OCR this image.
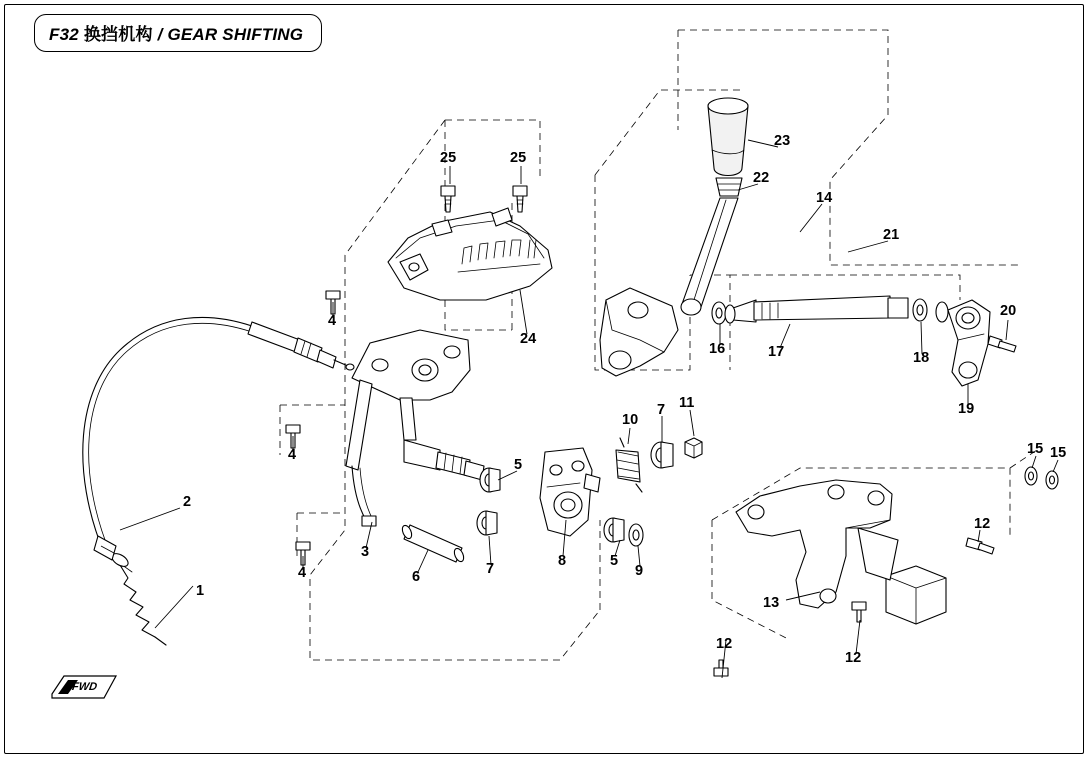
F32 换挡机构 / GEAR SHIFTING
1
2
3
4
4
4
5
5
6	7
7
8
9
10
11
12
12
12
13
14
15 15
16	17	18
19
20
21
22
23
24
25	25
FWD
